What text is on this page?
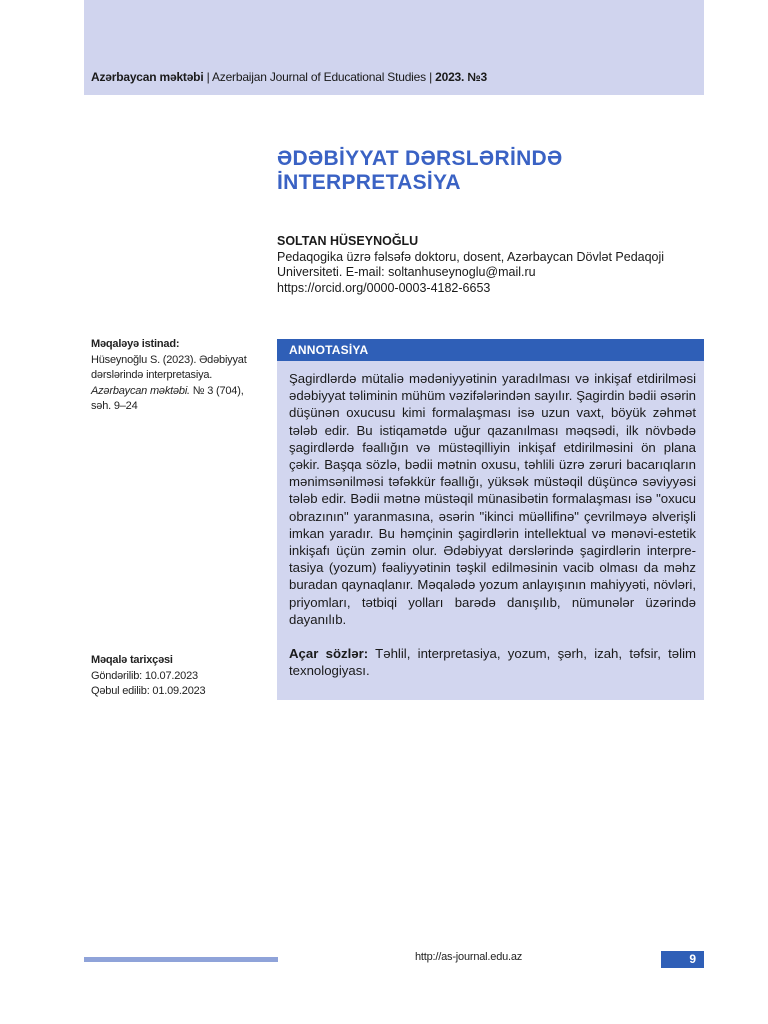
Azərbaycan məktəbi | Azerbaijan Journal of Educational Studies | 2023. №3
ƏDƏBİYYAT DƏRSLƏRİNDƏ
İNTERPRETASİYA
SOLTAN HÜSEYNOĞLU
Pedaqogika üzrə fəlsəfə doktoru, dosent, Azərbaycan Dövlət Pedaqoji
Universiteti. E-mail: soltanhuseynoglu@mail.ru
https://orcid.org/0000-0003-4182-6653
Məqaləyə istinad:
Hüseynoğlu S. (2023). Ədəbiyyat
dərslərində interpretasiya.
Azərbaycan məktəbi. № 3 (704),
səh. 9–24
Məqalə tarixçəsi
Göndərilib: 10.07.2023
Qəbul edilib: 01.09.2023
ANNOTASİYA
Şagirdlərdə mütaliə mədəniyyətinin yaradılması və inkişaf etdirilməsi ədəbiyyat təliminin mühüm vəzifələrindən sayılır. Şagirdin bədii əsərin düşünən oxucusu kimi formalaşması isə uzun vaxt, böyük zəhmət tələb edir. Bu istiqamətdə uğur qazanılması məqsədi, ilk növbədə şagirdlərdə fəallığın və müstəqilliyin inkişaf etdirilməsini ön plana çəkir. Başqa sözlə, bədii mətnin oxusu, təhlili üzrə zəruri bacarıqların mənimsənilməsi təfəkkür fəallığı, yüksək müstəqil düşüncə səviyyəsi tələb edir. Bədii mətnə müstəqil münasibətin formalaşması isə "oxucu obrazının" yaranmasına, əsərin "ikinci müəllifinə" çevrilməyə əlverişli imkan yaradır. Bu həmçinin şagirdlərin intellektual və mənəvi-estetik inkişafı üçün zəmin olur. Ədəbiyyat dərslərində şagirdlərin interpretasiya (yozum) fəaliyyətinin təşkil edilməsinin vacib olması da məhz buradan qaynaqlanır. Məqalədə yozum anlayışının mahiyyəti, növləri, priyomları, tətbiqi yolları barədə danışılıb, nümunələr üzərində dayanılıb.
Açar sözlər: Təhlil, interpretasiya, yozum, şərh, izah, təfsir, təlim texnologiyası.
http://as-journal.edu.az	9
